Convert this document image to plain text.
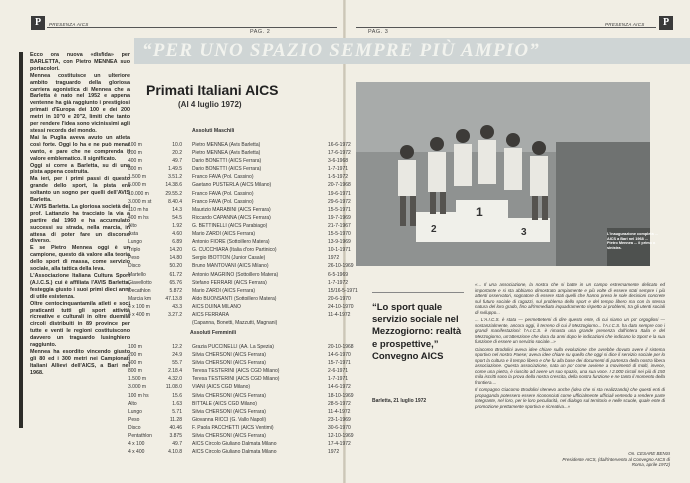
P	PRESENZA AICS
PAG. 2	PAG. 3
PRESENZA AICS	P
“PER UNO SPAZIO SEMPRE PIÙ AMPIO”

Ecco ora nuova «disfida» per BARLETTA, con Pietro MENNEA suo portacolori.

Mennea costituisce un ulteriore ambito traguardo della gloriosa carriera agonistica di Mennea che a Barletta è nato nel 1952 e appena ventenne ha già raggiunto i prestigiosi primati d'Europa dei 100 e dei 200 metri in 10"0 e 20"2, limiti che tanto per rendere l'idea sono vicinissimi agli stessi records del mondo.

Mai la Puglia aveva avuto un atleta così forte. Oggi lo ha e ne può menar vanto, e pare che ne comprenda il valore emblematico. Il significato.

Oggi si corre a Barletta, su di una pista appena costruita.

Ma ieri, per i primi passi di questo grande dello sport, la pista era soltanto un sogno per quelli dell'AVIS Barletta.

L'AVIS Barletta. La gloriosa società del prof. Lattanzio ha tracciato la via a partire dal 1960 e ha accumulato successi su strada, nella marcia, in attesa di poter fare un discorso diverso.

E se Pietro Mennea oggi è un campione, questo dà valore alla teoria dello sport di massa, come servizio sociale, alla tattica della leva.

L'Associazione Italiana Cultura Sport (A.I.C.S.) cui è affiliata l'AVIS Barletta, festeggia giusto i suoi primi dieci anni di utile esistenza.

Oltre centocinquantamila atleti e soci praticanti tutti gli sport attività ricreative e culturali in oltre duemila circoli distribuiti in 89 province per tutte e venti le regioni costituiscono davvero un traguardo lusinghiero raggiunto.

Mennea ha esordito vincendo giusto gli 80 ed i 300 metri nei Campionati Italiani Allievi dell'AICS, a Bari nel 1968.

Primati Italiani AICS
(Al 4 luglio 1972)
Assoluti Maschili
100 m	10.0 Pietro MENNEA (Avis Barletta)	16-6-1972
200 m	20.2 Pietro MENNEA (Avis Barletta)	17-6-1972
400 m	49.7 Dario BONETTI (AICS Ferrara)	3-6-1968
800 m	1.49.5 Dario BONETTI (AICS Ferrara)	1-7-1971
1.500 m	3.51.2 Franco FAVA (Pol. Cassino)	1-5-1972
5.000 m	14.38.6 Gaetano PUSTERLA (AICS Milano)	20-7-1968
10.000 m	29.55.2 Franco FAVA (Pol. Cassino)	19-6-1971
3.000 m st	8.40.4 Franco FAVA (Pol. Cassino)	29-6-1972
110 m hs	14.3 Maurizio MARABINI (AICS Ferrara)	15-5-1971
400 m hs	54.5 Riccardo CAPANNA (AICS Ferrara)	19-7-1969
Alto	1.92 G. BETTINELLI (AICS Parabiago)	21-7-1967
Asta	4.60 Mario ZARDI (AICS Ferrara)	15-5-1970
Lungo	6.89 Antonio FIORE (Sottoillero Matera)	13-9-1969
Triplo	14.20 G. CUCCHIARA (Italia d'oro Partinico)	10-1-1971
Peso	14.80 Sergio IBOTTON (Junior Casale)	1972
Disco	50.20 Bruno MANTOVANI (AICS Milano)	26-10-1969
Martello	61.72 Antonio MAGRINO (Sottoillero Matera)	6-5-1969
Giavellotto	65.76 Stefano FERRARI (AICS Ferrara)	1-7-1972
Decathlon	5.872 Mario ZARDI (AICS Ferrara)	15/16-5-1971
Marcia km	47.13.8 Aldo BUONSANTI (Sottoillero Matera)	20-6-1970
4 x 100 m	43.3 AICS DUINA MILANO	24-10-1970
4 x 400 m	3.27.2 AICS FERRARA	11-4-1972
(Capanna, Bonetti, Mazzutti, Magnani)
Assoluti Femminili
100 m	12.2 Grazia PUCCINELLI (AA. La Spezia)	20-10-1968
200 m	24.9 Silvia CHERSONI (AICS Ferrara)	14-6-1970
400 m	55.7 Silvia CHERSONI (AICS Ferrara)	15-7-1971
800 m	2.18.4 Teresa TESTERINI (AICS CGD Milano)	2-6-1971
1.500 m	4.32.0 Teresa TESTERINI (AICS CGD Milano)	1-7-1971
3.000 m	11.08.0 VIANI (AICS CGD Milano)	14-6-1972
100 m hs	15.6 Silvia CHERSONI (AICS Ferrara)	18-10-1969
Alto	1.63 BITTALE (AICS CGD Milano)	28-5-1972
Lungo	5.71 Silvia CHERSONI (AICS Ferrara)	11-4-1972
Peso	11.28 Giovanna RICCI (G. Vallo Napoli)	23-1-1969
Disco	40.46 F. Paola PACCHETTI (AICS Ventimi)	30-6-1970
Pentathlon	3.875 Silvia CHERSONI (AICS Ferrara)	12-10-1969
4 x 100	49.7 AICS Circolo Giuliano Dalmata Milano	17-4-1972
4 x 400	4.10.8 AICS Circolo Giuliano Dalmata Milano	1972
2
1
3	L'inaugurazione completa ... AICS a Bari nel 1968 ... Pietro Mennea ... il primo a sinistra.
“Lo sport quale servizio sociale nel Mezzogiorno: realtà e prospettive,”
Convegno AICS
Barletta, 21 luglio 1972

«... Il una associazione, la nostra che si batte in un campo estremamente delicato ed importante e si sta abbiamo dimostrato ampiamente e più volte di essere stati sempre i più attenti osservatori, sognatore di essere stati quelli che hanno preso le sole decisioni concrete sul futuro sociale di ragazzi, sul problema dello sport e del tempo libero ma con la stessa natura del loro grado, fino all'immediato inquadramento rispetto ai problemi, tra gli utenti sociali di sviluppo...

... L'A.I.C.S. è stata — permettetemi di dire questo ente, di cui siamo un po' orgogliosi — sostanzialmente, ancora oggi, il terreno di cui il Mezzogiorno... l'A.I.C.S. ha dato sempre con i grandi manifestazioni: l'A.I.C.S. è rimasta una grande presenza dall'intera Italia e del Mezzogiorno, un'attenzione che dura da anni dopo le indicazioni che indicano lo Sport e la sua funzione di essere un servizio sociale...»

Giacomo Brodolini aveva idee chiare sulla evoluzione che avrebbe dovuto avere il sistema sportivo nel nostro Paese; aveva idee chiare su quello che oggi si dice il servizio sociale per lo sport la cultura e il tempo libero e che fu alla base dei documenti di partenza della nostra libera associazione. Questa associazione, nata un po' come avviene a movimenti di molti, invece, come una pietra, è riuscito ad avere un suo spazio, una sua voce. I 2.000 circoli nei più di 150 mila iscritti sono la prova della nostra crescita, della nostra funzione e ne tanto il momento della frontiera....

Il compagno Giacomo Brodolini ritenevo anche (idea che si sta realizzando) che questi enti di propaganda potessero essere riconosciuti come ufficialmente ufficiali vertendo a rendere parte integrante, nel loro, per le loro peculiarità, nel dialogo sul territorio e nelle scuole, quale ente di promozione prettamente sportiva e ricreativa...»

On. CESARE BENSI
Presidente AICS, (dall'intervento al Convegno AICS di Roma, aprile 1972)
